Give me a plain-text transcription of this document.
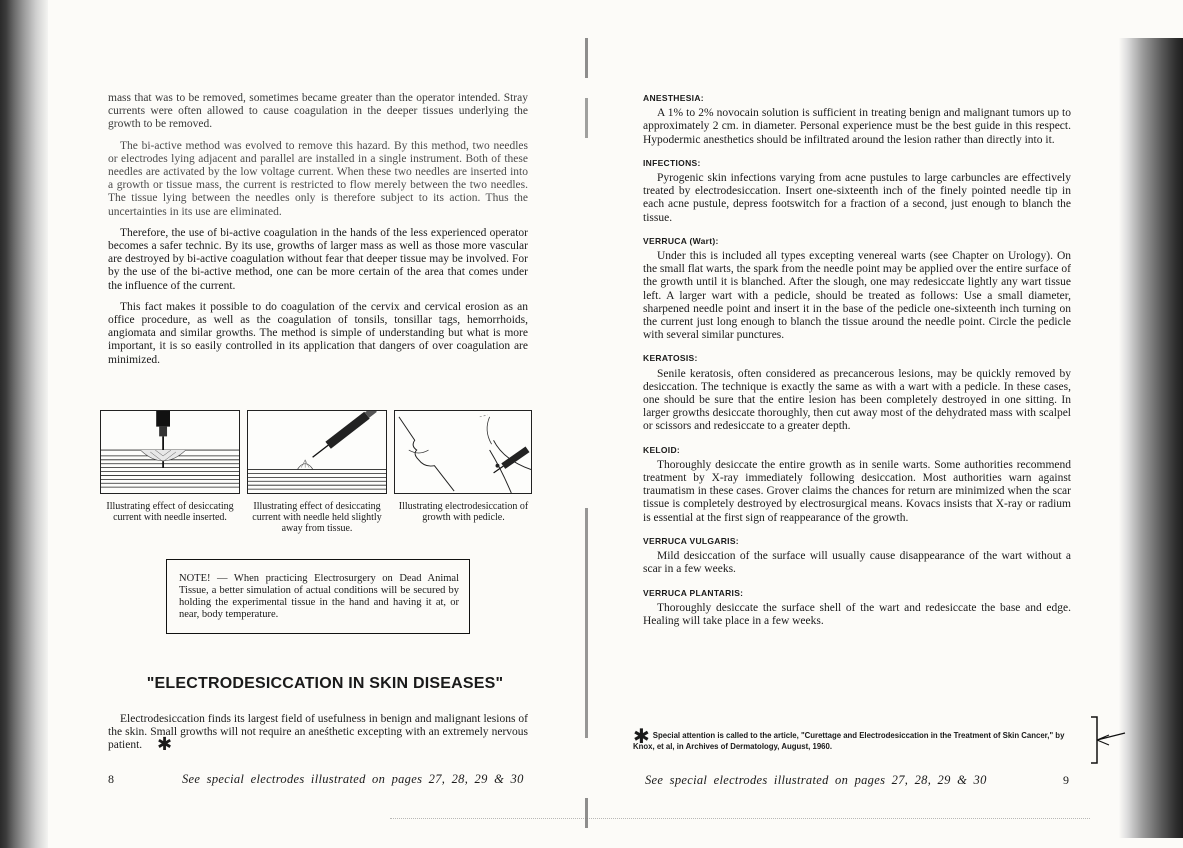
mass that was to be removed, sometimes became greater than the operator intended. Stray currents were often allowed to cause coagulation in the deeper tissues underlying the growth to be removed.

The bi-active method was evolved to remove this hazard. By this method, two needles or electrodes lying adjacent and parallel are installed in a single instrument. Both of these needles are activated by the low voltage current. When these two needles are inserted into a growth or tissue mass, the current is restricted to flow merely between the two needles. The tissue lying between the needles only is therefore subject to its action. Thus the uncertainties in its use are eliminated.

Therefore, the use of bi-active coagulation in the hands of the less experienced operator becomes a safer technic. By its use, growths of larger mass as well as those more vascular are destroyed by bi-active coagulation without fear that deeper tissue may be involved. For by the use of the bi-active method, one can be more certain of the area that comes under the influence of the current.

This fact makes it possible to do coagulation of the cervix and cervical erosion as an office procedure, as well as the coagulation of tonsils, tonsillar tags, hemorrhoids, angiomata and similar growths. The method is simple of understanding but what is more important, it is so easily controlled in its application that dangers of over coagulation are minimized.

Illustrating effect of desiccating current with needle inserted.
Illustrating effect of desiccating current with needle held slightly away from tissue.
Illustrating electrodesiccation of growth with pedicle.
NOTE! — When practicing Electrosurgery on Dead Animal Tissue, a better simulation of actual conditions will be secured by holding the experimental tissue in the hand and having it at, or near, body temperature.
"ELECTRODESICCATION IN SKIN DISEASES"
Electrodesiccation finds its largest field of usefulness in benign and malignant lesions of the skin. Small growths will not require an aneśthetic excepting with an extremely nervous patient. ✱
8	See special electrodes illustrated on pages 27, 28, 29 & 30
ANESTHESIA:
A 1% to 2% novocain solution is sufficient in treating benign and malignant tumors up to approximately 2 cm. in diameter. Personal experience must be the best guide in this respect. Hypodermic anesthetics should be infiltrated around the lesion rather than directly into it.
INFECTIONS:
Pyrogenic skin infections varying from acne pustules to large carbuncles are effectively treated by electrodesiccation. Insert one-sixteenth inch of the finely pointed needle tip in each acne pustule, depress footswitch for a fraction of a second, just enough to blanch the tissue.
VERRUCA (Wart):
Under this is included all types excepting venereal warts (see Chapter on Urology). On the small flat warts, the spark from the needle point may be applied over the entire surface of the growth until it is blanched. After the slough, one may redesiccate lightly any wart tissue left. A larger wart with a pedicle, should be treated as follows: Use a small diameter, sharpened needle point and insert it in the base of the pedicle one-sixteenth inch turning on the current just long enough to blanch the tissue around the needle point. Circle the pedicle with several similar punctures.
KERATOSIS:
Senile keratosis, often considered as precancerous lesions, may be quickly removed by desiccation. The technique is exactly the same as with a wart with a pedicle. In these cases, one should be sure that the entire lesion has been completely destroyed in one sitting. In larger growths desiccate thoroughly, then cut away most of the dehydrated mass with scalpel or scissors and redesiccate to a greater depth.
KELOID:
Thoroughly desiccate the entire growth as in senile warts. Some authorities recommend treatment by X-ray immediately following desiccation. Most authorities warn against traumatism in these cases. Grover claims the chances for return are minimized when the scar tissue is completely destroyed by electrosurgical means. Kovacs insists that X-ray or radium is essential at the first sign of reappearance of the growth.
VERRUCA VULGARIS:
Mild desiccation of the surface will usually cause disappearance of the wart without a scar in a few weeks.
VERRUCA PLANTARIS:
Thoroughly desiccate the surface shell of the wart and redesiccate the base and edge. Healing will take place in a few weeks.
✱ Special attention is called to the article, "Curettage and Electrodesiccation in the Treatment of Skin Cancer," by Knox, et al, in Archives of Dermatology, August, 1960.
See special electrodes illustrated on pages 27, 28, 29 & 30	9
